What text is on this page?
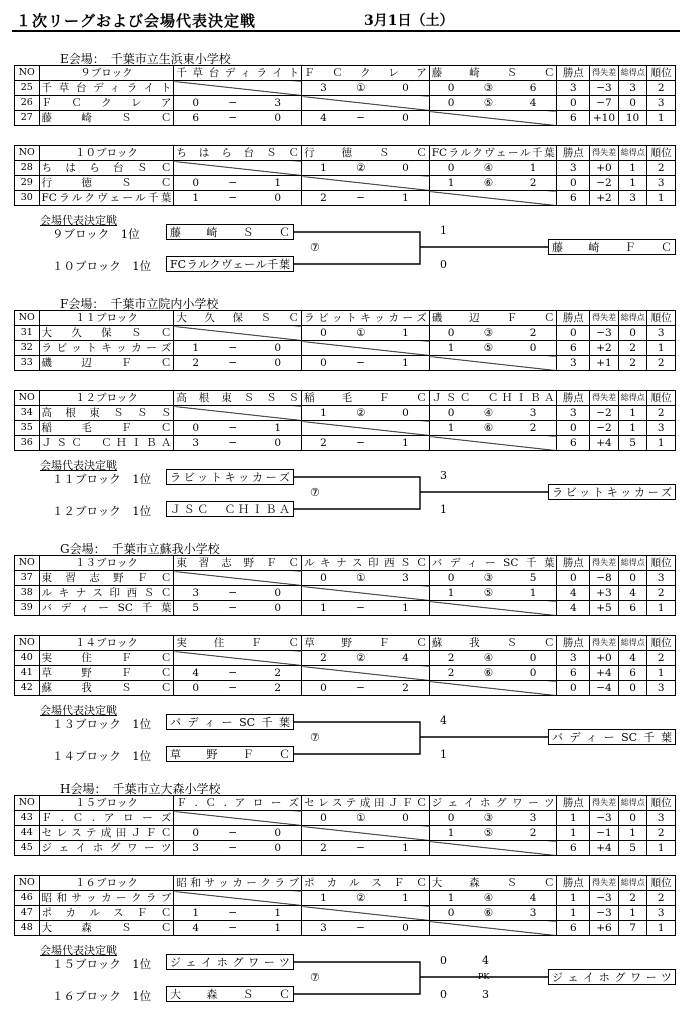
１次リーグおよび会場代表決定戦	3月1日（土）
E会場：　千葉市立生浜東小学校
NO	９ブロック	千草台ディライト	ＦＣクレア	藤崎ＳＣ	勝点	得失差	総得点	順位
25	千草台ディライト		3 ① 0	0 ③ 6	3	−3	3	2
26	ＦＣクレア	0 − 3		0 ⑤ 4	0	−7	0	3
27	藤崎ＳＣ	6 − 0	4 − 0		6	+10	10	1
NO	１０ブロック	ちはら台ＳＣ	行徳ＳＣ	FCラルクヴェール千葉	勝点	得失差	総得点	順位
28	ちはら台ＳＣ		1 ② 0	0 ④ 1	3	+0	1	2
29	行徳ＳＣ	0 − 1		1 ⑥ 2	0	−2	1	3
30	FCラルクヴェール千葉	1 − 0	2 − 1		6	+2	3	1
会場代表決定戦
９ブロック　1位
１０ブロック　1位
藤崎ＳＣ
FCラルクヴェール千葉
⑦
1
0
藤崎ＦＣ
F会場：　千葉市立院内小学校
NO	１１ブロック	大久保ＳＣ	ラビットキッカーズ	磯辺ＦＣ	勝点	得失差	総得点	順位
31	大久保ＳＣ		0 ① 1	0 ③ 2	0	−3	0	3
32	ラビットキッカーズ	1 − 0		1 ⑤ 0	6	+2	2	1
33	磯辺ＦＣ	2 − 0	0 − 1		3	+1	2	2
NO	１２ブロック	高根東ＳＳＳ	稲毛ＦＣ	ＪＳＣ　ＣＨＩＢＡ	勝点	得失差	総得点	順位
34	高根東ＳＳＳ		1 ② 0	0 ④ 3	3	−2	1	2
35	稲毛ＦＣ	0 − 1		1 ⑥ 2	0	−2	1	3
36	ＪＳＣ　ＣＨＩＢＡ	3 − 0	2 − 1		6	+4	5	1
会場代表決定戦
１１ブロック　1位
１２ブロック　1位
ラビットキッカーズ
ＪＳＣ　ＣＨＩＢＡ
⑦
3
1
ラビットキッカーズ
G会場：　千葉市立蘇我小学校
NO	１３ブロック	東習志野ＦＣ	ルキナス印西ＳＣ	バディーSC千葉	勝点	得失差	総得点	順位
37	東習志野ＦＣ		0 ① 3	0 ③ 5	0	−8	0	3
38	ルキナス印西ＳＣ	3 − 0		1 ⑤ 1	4	+3	4	2
39	バディーSC千葉	5 − 0	1 − 1		4	+5	6	1
NO	１４ブロック	実住ＦＣ	草野ＦＣ	蘇我ＳＣ	勝点	得失差	総得点	順位
40	実住ＦＣ		2 ② 4	2 ④ 0	3	+0	4	2
41	草野ＦＣ	4 − 2		2 ⑥ 0	6	+4	6	1
42	蘇我ＳＣ	0 − 2	0 − 2		0	−4	0	3
会場代表決定戦
１３ブロック　1位
１４ブロック　1位
バディーSC千葉
草野ＦＣ
⑦
4
1
バディーSC千葉
H会場：　千葉市立大森小学校
NO	１５ブロック	Ｆ.Ｃ.アローズ	セレステ成田ＪＦＣ	ジェイホグワーツ	勝点	得失差	総得点	順位
43	Ｆ.Ｃ.アローズ		0 ① 0	0 ③ 3	1	−3	0	3
44	セレステ成田ＪＦＣ	0 − 0		1 ⑤ 2	1	−1	1	2
45	ジェイホグワーツ	3 − 0	2 − 1		6	+4	5	1
NO	１６ブロック	昭和サッカークラブ	ポカルスＦＣ	大森ＳＣ	勝点	得失差	総得点	順位
46	昭和サッカークラブ		1 ② 1	1 ④ 4	1	−3	2	2
47	ポカルスＦＣ	1 − 1		0 ⑥ 3	1	−3	1	3
48	大森ＳＣ	4 − 1	3 − 0		6	+6	7	1
会場代表決定戦
１５ブロック　1位
１６ブロック　1位
ジェイホグワーツ
大森ＳＣ
⑦
0
0
4
PK
3
ジェイホグワーツ
